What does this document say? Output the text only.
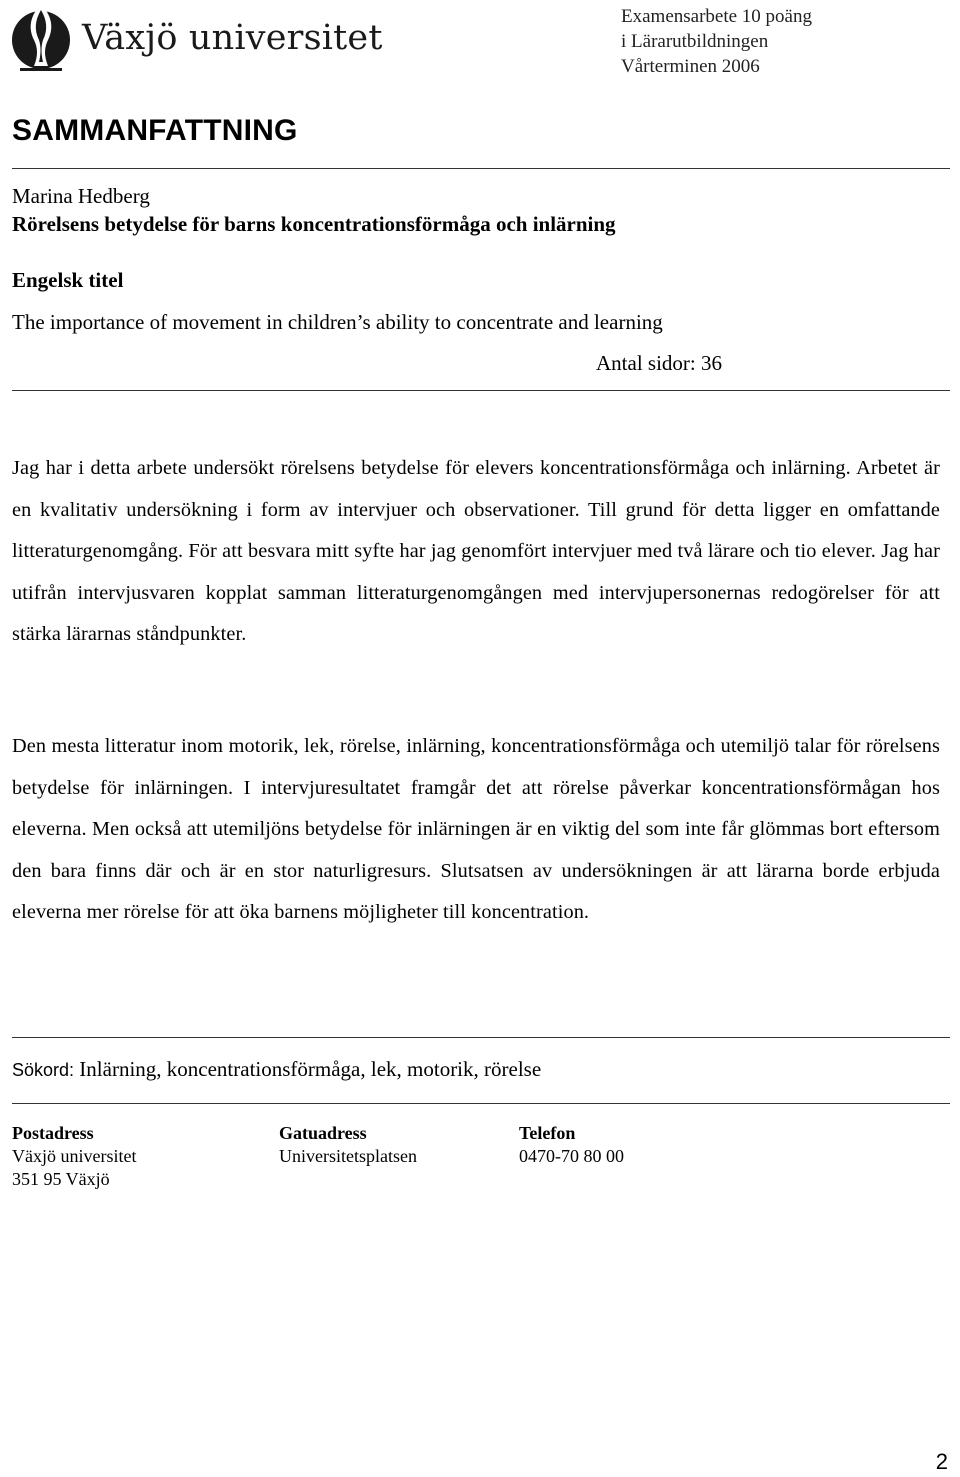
Växjö universitet
Examensarbete 10 poäng
i Lärarutbildningen
Vårterminen 2006
SAMMANFATTNING
Marina Hedberg
Rörelsens betydelse för barns koncentrationsförmåga och inlärning
Engelsk titel
The importance of movement in children’s ability to concentrate and learning
Antal sidor: 36

Jag har i detta arbete undersökt rörelsens betydelse för elevers koncentrationsförmåga och inlärning. Arbetet är en kvalitativ undersökning i form av intervjuer och observationer. Till grund för detta ligger en omfattande litteraturgenomgång. För att besvara mitt syfte har jag genomfört intervjuer med två lärare och tio elever. Jag har utifrån intervjusvaren kopplat samman litteraturgenomgången med intervjupersonernas redogörelser för att stärka lärarnas ståndpunkter.

Den mesta litteratur inom motorik, lek, rörelse, inlärning, koncentrationsförmåga och utemiljö talar för rörelsens betydelse för inlärningen. I intervjuresultatet framgår det att rörelse påverkar koncentrationsförmågan hos eleverna. Men också att utemiljöns betydelse för inlärningen är en viktig del som inte får glömmas bort eftersom den bara finns där och är en stor naturligresurs. Slutsatsen av undersökningen är att lärarna borde erbjuda eleverna mer rörelse för att öka barnens möjligheter till koncentration.

Sökord: Inlärning, koncentrationsförmåga, lek, motorik, rörelse
Postadress
Växjö universitet
351 95 Växjö
Gatuadress
Universitetsplatsen
Telefon
0470-70 80 00
2
